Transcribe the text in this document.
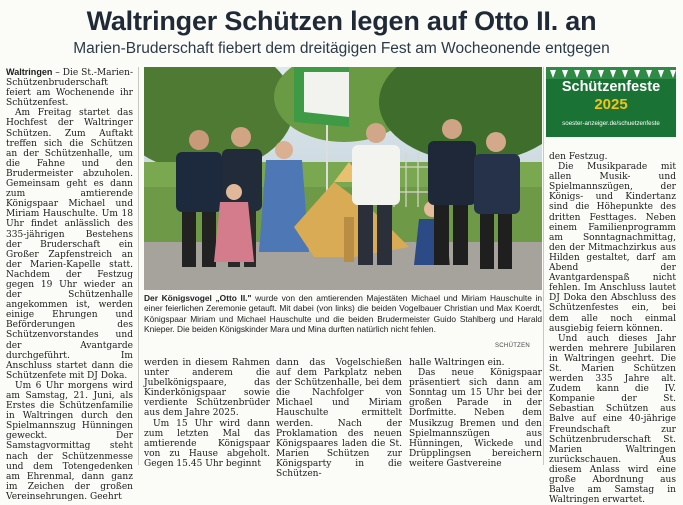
Waltringer Schützen legen auf Otto II. an
Marien-Bruderschaft fiebert dem dreitägigen Fest am Wocheonende entgegen

Waltringen – Die St.-Marien-Schützenbruderschaft feiert am Wochenende ihr Schützenfest.

Am Freitag startet das Hochfest der Waltringer Schützen. Zum Auftakt treffen sich die Schützen an der Schützenhalle, um die Fahne und den Brudermeister abzuholen. Gemeinsam geht es dann zum amtierende Königspaar Michael und Miriam Hauschulte. Um 18 Uhr findet anlässlich des 335-jährigen Bestehens der Bruderschaft ein Großer Zapfenstreich an der Marien-Kapelle statt. Nachdem der Festzug gegen 19 Uhr wieder an der Schützenhalle angekommen ist, werden einige Ehrungen und Beförderungen des Schützenvorstandes und der Avantgarde durchgeführt. Im Anschluss startet dann die Schützenfete mit DJ Doka.

Um 6 Uhr morgens wird am Samstag, 21. Juni, als Erstes die Schützenfamilie in Waltringen durch den Spielmannszug Hünningen geweckt. Der Samstagvormittag steht nach der Schützenmesse und dem Totengedenken am Ehrenmal, dann ganz im Zeichen der großen Vereinsehrungen. Geehrt

Der Königsvogel „Otto II." wurde von den amtierenden Majestäten Michael und Miriam Hauschulte in einer feierlichen Zeremonie getauft. Mit dabei (von links) die beiden Vogelbauer Christian und Max Koerdt, Königspaar Miriam und Michael Hauschulte und die beiden Brudermeister Guido Stahlberg und Harald Knieper. Die beiden Königskinder Mara und Mina durften natürlich nicht fehlen.
SCHÜTZEN

werden in diesem Rahmen unter anderem die Jubelkönigspaare, das Kinderkönigspaar sowie verdiente Schützenbrüder aus dem Jahre 2025.

Um 15 Uhr wird dann zum letzten Mal das amtierende Königspaar von zu Hause abgeholt. Gegen 15.45 Uhr beginnt

dann das Vogelschießen auf dem Parkplatz neben der Schützenhalle, bei dem die Nachfolger von Michael und Miriam Hauschulte ermittelt werden. Nach der Proklamation des neuen Königspaares laden die St. Marien Schützen zur Königsparty in die Schützen-

halle Waltringen ein.

Das neue Königspaar präsentiert sich dann am Sonntag um 15 Uhr bei der großen Parade in der Dorfmitte. Neben dem Musikzug Bremen und den Spielmannszügen aus Hünningen, Wickede und Drüpplingsen bereichern weitere Gastvereine

Schützenfeste
2025
soester-anzeiger.de/schuetzenfeste

den Festzug.

Die Musikparade mit allen Musik- und Spielmannszügen, der Königs- und Kindertanz sind die Höhepunkte des dritten Festtages. Neben einem Familienprogramm am Sonntagnachmittag, den der Mitmachzirkus aus Hilden gestaltet, darf am Abend der Avantgardenspaß nicht fehlen. Im Anschluss lautet DJ Doka den Abschluss des Schützenfestes ein, bei dem alle noch einmal ausgiebig feiern können.

Und auch dieses Jahr werden mehrere Jubilaren in Waltringen geehrt. Die St. Marien Schützen werden 335 Jahre alt. Zudem kann die IV. Kompanie der St. Sebastian Schützen aus Balve auf eine 40-jährige Freundschaft zur Schützenbruderschaft St. Marien Waltringen zurückschauen. Aus diesem Anlass wird eine große Abordnung aus Balve am Samstag in Waltringen erwartet.
